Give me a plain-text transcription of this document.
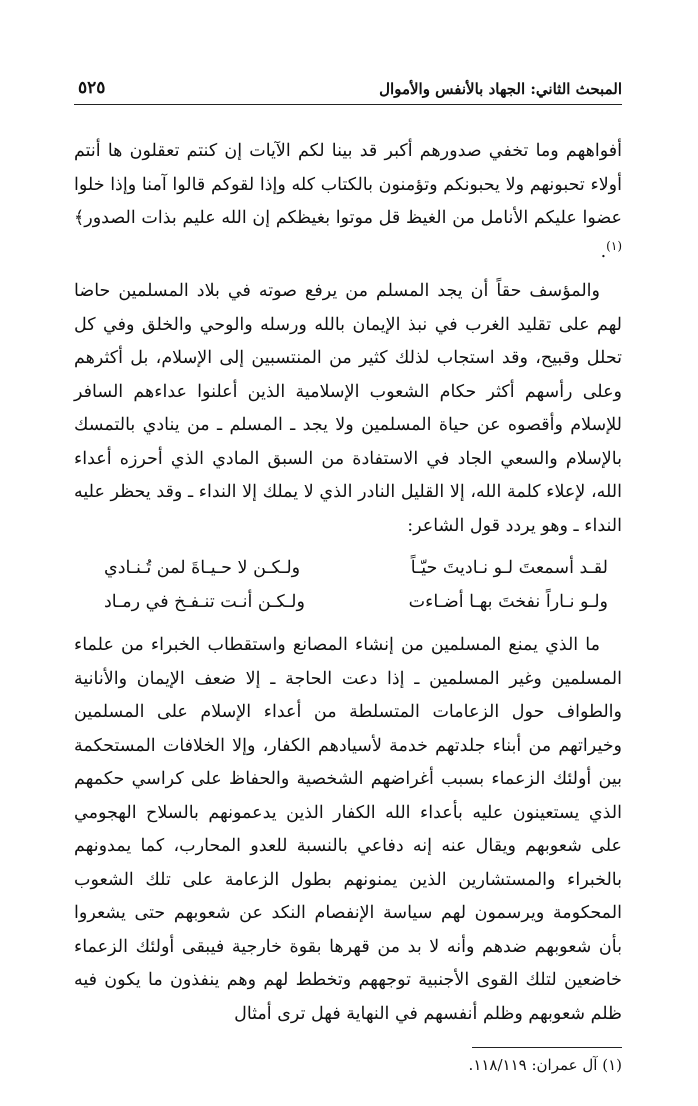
المبحث الثاني: الجهاد بالأنفس والأموال
٥٢٥

أفواههم وما تخفي صدورهم أكبر قد بينا لكم الآيات إن كنتم تعقلون ها أنتم أولاء تحبونهم ولا يحبونكم وتؤمنون بالكتاب كله وإذا لقوكم قالوا آمنا وإذا خلوا عضوا عليكم الأنامل من الغيظ قل موتوا بغيظكم إن الله عليم بذات الصدور﴾$^{(١)}$.

والمؤسف حقاً أن يجد المسلم من يرفع صوته في بلاد المسلمين حاضا لهم على تقليد الغرب في نبذ الإيمان بالله ورسله والوحي والخلق وفي كل تحلل وقبيح، وقد استجاب لذلك كثير من المنتسبين إلى الإسلام، بل أكثرهم وعلى رأسهم أكثر حكام الشعوب الإسلامية الذين أعلنوا عداءهم السافر للإسلام وأقصوه عن حياة المسلمين ولا يجد ـ المسلم ـ من ينادي بالتمسك بالإسلام والسعي الجاد في الاستفادة من السبق المادي الذي أحرزه أعداء الله، لإعلاء كلمة الله، إلا القليل النادر الذي لا يملك إلا النداء ـ وقد يحظر عليه النداء ـ وهو يردد قول الشاعر:

لقـد أسمعتَ لـو نـاديتَ حيّـاً
ولـكـن لا حـيـاةَ لمن تُـنـادي
ولـو نـاراً نفختَ بهـا أضـاءت
ولـكـن أنـت تنـفـخ في رمـاد

ما الذي يمنع المسلمين من إنشاء المصانع واستقطاب الخبراء من علماء المسلمين وغير المسلمين ـ إذا دعت الحاجة ـ إلا ضعف الإيمان والأنانية والطواف حول الزعامات المتسلطة من أعداء الإسلام على المسلمين وخيراتهم من أبناء جلدتهم خدمة لأسيادهم الكفار، وإلا الخلافات المستحكمة بين أولئك الزعماء بسبب أغراضهم الشخصية والحفاظ على كراسي حكمهم الذي يستعينون عليه بأعداء الله الكفار الذين يدعمونهم بالسلاح الهجومي على شعوبهم ويقال عنه إنه دفاعي بالنسبة للعدو المحارب، كما يمدونهم بالخبراء والمستشارين الذين يمنونهم بطول الزعامة على تلك الشعوب المحكومة ويرسمون لهم سياسة الإنفصام النكد عن شعوبهم حتى يشعروا بأن شعوبهم ضدهم وأنه لا بد من قهرها بقوة خارجية فيبقى أولئك الزعماء خاضعين لتلك القوى الأجنبية توجههم وتخطط لهم وهم ينفذون ما يكون فيه ظلم شعوبهم وظلم أنفسهم في النهاية فهل ترى أمثال

(١) آل عمران: ١١٨/١١٩.
